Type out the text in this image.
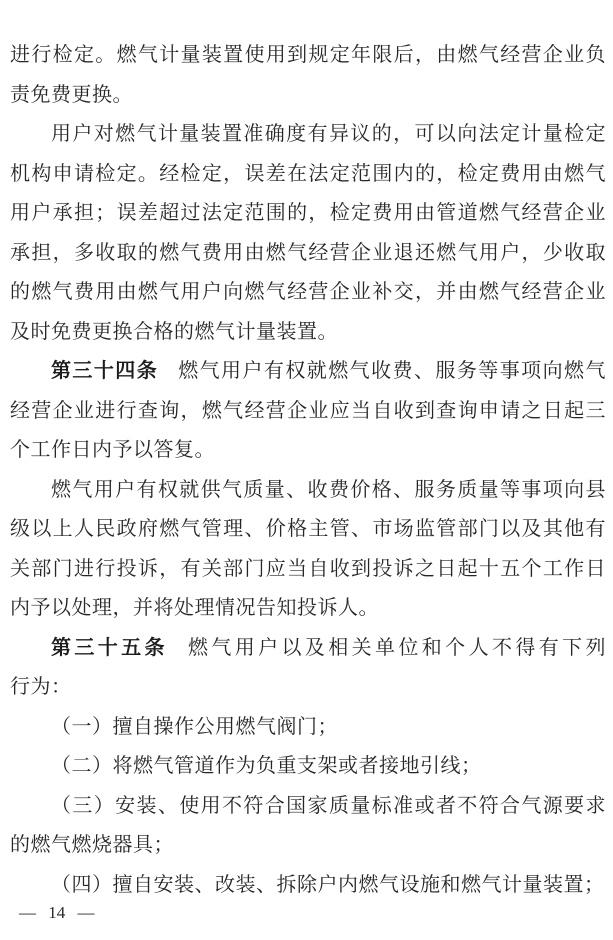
进行检定。燃气计量装置使用到规定年限后，由燃气经营企业负
责免费更换。
用户对燃气计量装置准确度有异议的，可以向法定计量检定
机构申请检定。经检定，误差在法定范围内的，检定费用由燃气
用户承担；误差超过法定范围的，检定费用由管道燃气经营企业
承担，多收取的燃气费用由燃气经营企业退还燃气用户，少收取
的燃气费用由燃气用户向燃气经营企业补交，并由燃气经营企业
及时免费更换合格的燃气计量装置。
第三十四条 燃气用户有权就燃气收费、服务等事项向燃气
经营企业进行查询，燃气经营企业应当自收到查询申请之日起三
个工作日内予以答复。
燃气用户有权就供气质量、收费价格、服务质量等事项向县
级以上人民政府燃气管理、价格主管、市场监管部门以及其他有
关部门进行投诉，有关部门应当自收到投诉之日起十五个工作日
内予以处理，并将处理情况告知投诉人。
第三十五条 燃气用户以及相关单位和个人不得有下列
行为：
（一）擅自操作公用燃气阀门；
（二）将燃气管道作为负重支架或者接地引线；
（三）安装、使用不符合国家质量标准或者不符合气源要求
的燃气燃烧器具；
（四）擅自安装、改装、拆除户内燃气设施和燃气计量装置；
— 14 —
